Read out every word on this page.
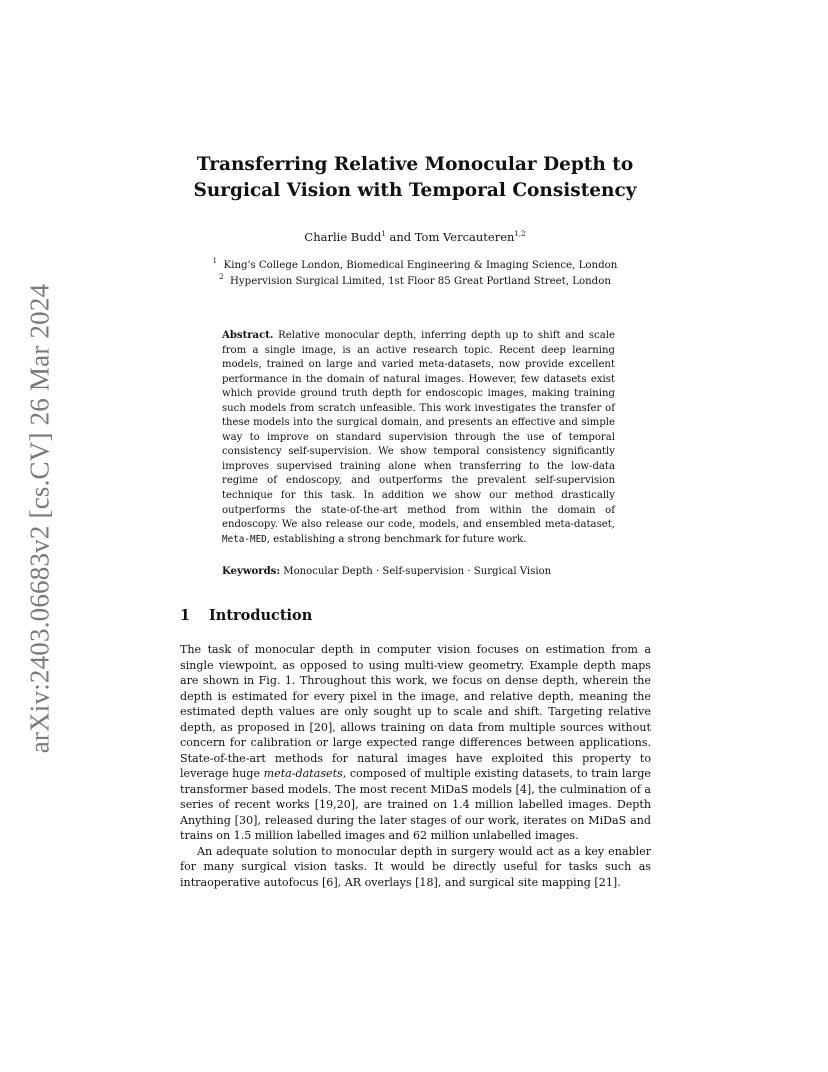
arXiv:2403.06683v2 [cs.CV] 26 Mar 2024
Transferring Relative Monocular Depth to Surgical Vision with Temporal Consistency
Charlie Budd$^1$ and Tom Vercauteren$^{1,2}$
$^1$ King's College London, Biomedical Engineering & Imaging Science, London
$^2$ Hypervision Surgical Limited, 1st Floor 85 Great Portland Street, London

Abstract. Relative monocular depth, inferring depth up to shift and scale from a single image, is an active research topic. Recent deep learning models, trained on large and varied meta-datasets, now provide excellent performance in the domain of natural images. However, few datasets exist which provide ground truth depth for endoscopic images, making training such models from scratch unfeasible. This work investigates the transfer of these models into the surgical domain, and presents an effective and simple way to improve on standard supervision through the use of temporal consistency self-supervision. We show temporal consistency significantly improves supervised training alone when transferring to the low-data regime of endoscopy, and outperforms the prevalent self-supervision technique for this task. In addition we show our method drastically outperforms the state-of-the-art method from within the domain of endoscopy. We also release our code, models, and ensembled meta-dataset, Meta-MED, establishing a strong benchmark for future work.

Keywords: Monocular Depth · Self-supervision · Surgical Vision

1 Introduction

The task of monocular depth in computer vision focuses on estimation from a single viewpoint, as opposed to using multi-view geometry. Example depth maps are shown in Fig. 1. Throughout this work, we focus on dense depth, wherein the depth is estimated for every pixel in the image, and relative depth, meaning the estimated depth values are only sought up to scale and shift. Targeting relative depth, as proposed in [20], allows training on data from multiple sources without concern for calibration or large expected range differences between applications. State-of-the-art methods for natural images have exploited this property to leverage huge meta-datasets, composed of multiple existing datasets, to train large transformer based models. The most recent MiDaS models [4], the culmination of a series of recent works [19,20], are trained on 1.4 million labelled images. Depth Anything [30], released during the later stages of our work, iterates on MiDaS and trains on 1.5 million labelled images and 62 million unlabelled images.

An adequate solution to monocular depth in surgery would act as a key enabler for many surgical vision tasks. It would be directly useful for tasks such as intraoperative autofocus [6], AR overlays [18], and surgical site mapping [21].
